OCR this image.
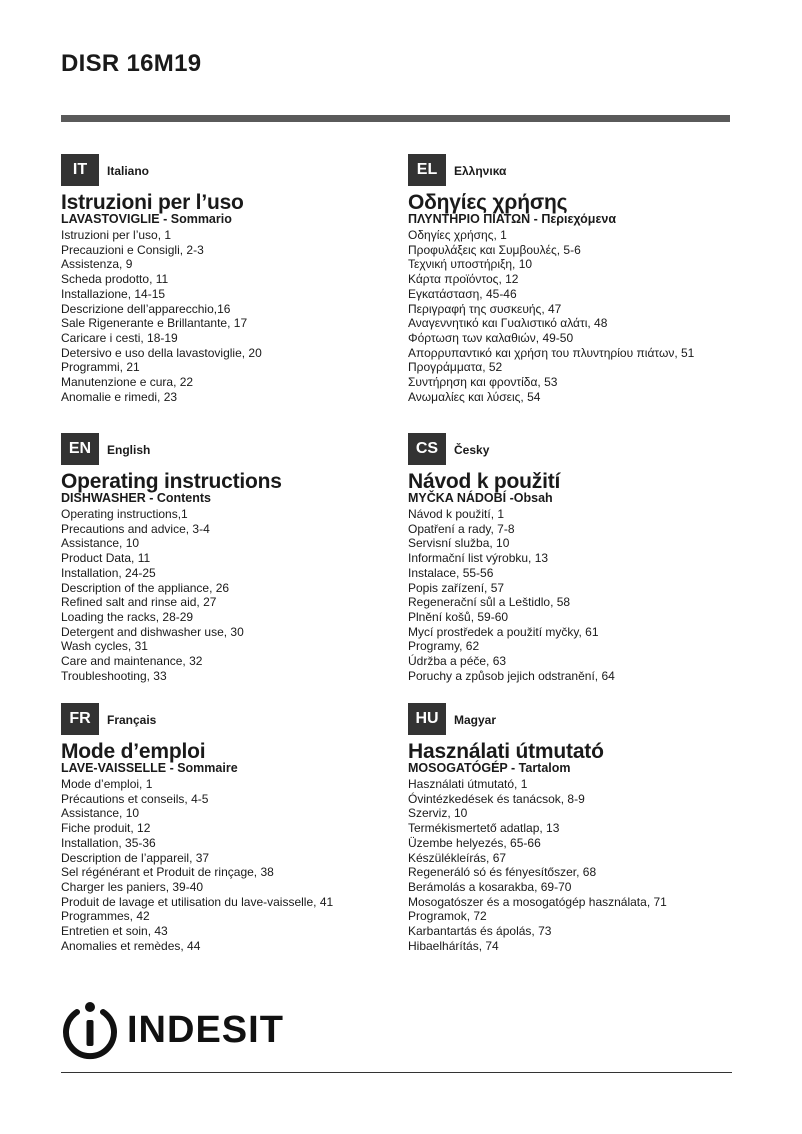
DISR 16M19
IT	Italiano
Istruzioni per l’uso
LAVASTOVIGLIE - Sommario
Istruzioni per l’uso, 1
Precauzioni e Consigli, 2-3
Assistenza, 9
Scheda prodotto, 11
Installazione, 14-15
Descrizione dell’apparecchio,16
Sale Rigenerante e Brillantante, 17
Caricare i cesti, 18-19
Detersivo e uso della lavastoviglie, 20
Programmi, 21
Manutenzione e cura, 22
Anomalie e rimedi, 23
EL	Ελληνικα
Οδηγίες χρήσης
ΠΛΥΝΤΗΡΙΟ ΠΙΑΤΩΝ - Περιεχόμενα
Οδηγίες χρήσης, 1
Προφυλάξεις και Συμβουλές, 5-6
Τεχνική υποστήριξη, 10
Κάρτα προϊόντος, 12
Εγκατάσταση, 45-46
Περιγραφή της συσκευής, 47
Αναγεννητικό και Γυαλιστικό αλάτι, 48
Φόρτωση των καλαθιών, 49-50
Απορρυπαντικό και χρήση του πλυντηρίου πιάτων, 51
Προγράμματα, 52
Συντήρηση και φροντίδα, 53
Ανωμαλίες και λύσεις, 54
EN	English
Operating instructions
DISHWASHER - Contents
Operating instructions,1
Precautions and advice, 3-4
Assistance, 10
Product Data, 11
Installation, 24-25
Description of the appliance, 26
Refined salt and rinse aid, 27
Loading the racks, 28-29
Detergent and dishwasher use, 30
Wash cycles, 31
Care and maintenance, 32
Troubleshooting, 33
CS	Česky
Návod k použití
MYČKA NÁDOBÍ -Obsah
Návod k použití, 1
Opatření a rady, 7-8
Servisní služba, 10
Informační list výrobku, 13
Instalace, 55-56
Popis zařízení, 57
Regenerační sůl a Leštidlo, 58
Plnění košů, 59-60
Mycí prostředek a použití myčky, 61
Programy, 62
Údržba a péče, 63
Poruchy a způsob jejich odstranění, 64
FR	Français
Mode d’emploi
LAVE-VAISSELLE - Sommaire
Mode d’emploi, 1
Précautions et conseils, 4-5
Assistance, 10
Fiche produit, 12
Installation, 35-36
Description de l’appareil, 37
Sel régénérant et Produit de rinçage, 38
Charger les paniers, 39-40
Produit de lavage et utilisation du lave-vaisselle, 41
Programmes, 42
Entretien et soin, 43
Anomalies et remèdes, 44
HU	Magyar
Használati útmutató
MOSOGATÓGÉP - Tartalom
Használati útmutató, 1
Óvintézkedések és tanácsok, 8-9
Szerviz, 10
Termékismertető adatlap, 13
Üzembe helyezés, 65-66
Készülékleírás, 67
Regeneráló só és fényesítőszer, 68
Berámolás a kosarakba, 69-70
Mosogatószer és a mosogatógép használata, 71
Programok, 72
Karbantartás és ápolás, 73
Hibaelhárítás, 74
INDESIT
